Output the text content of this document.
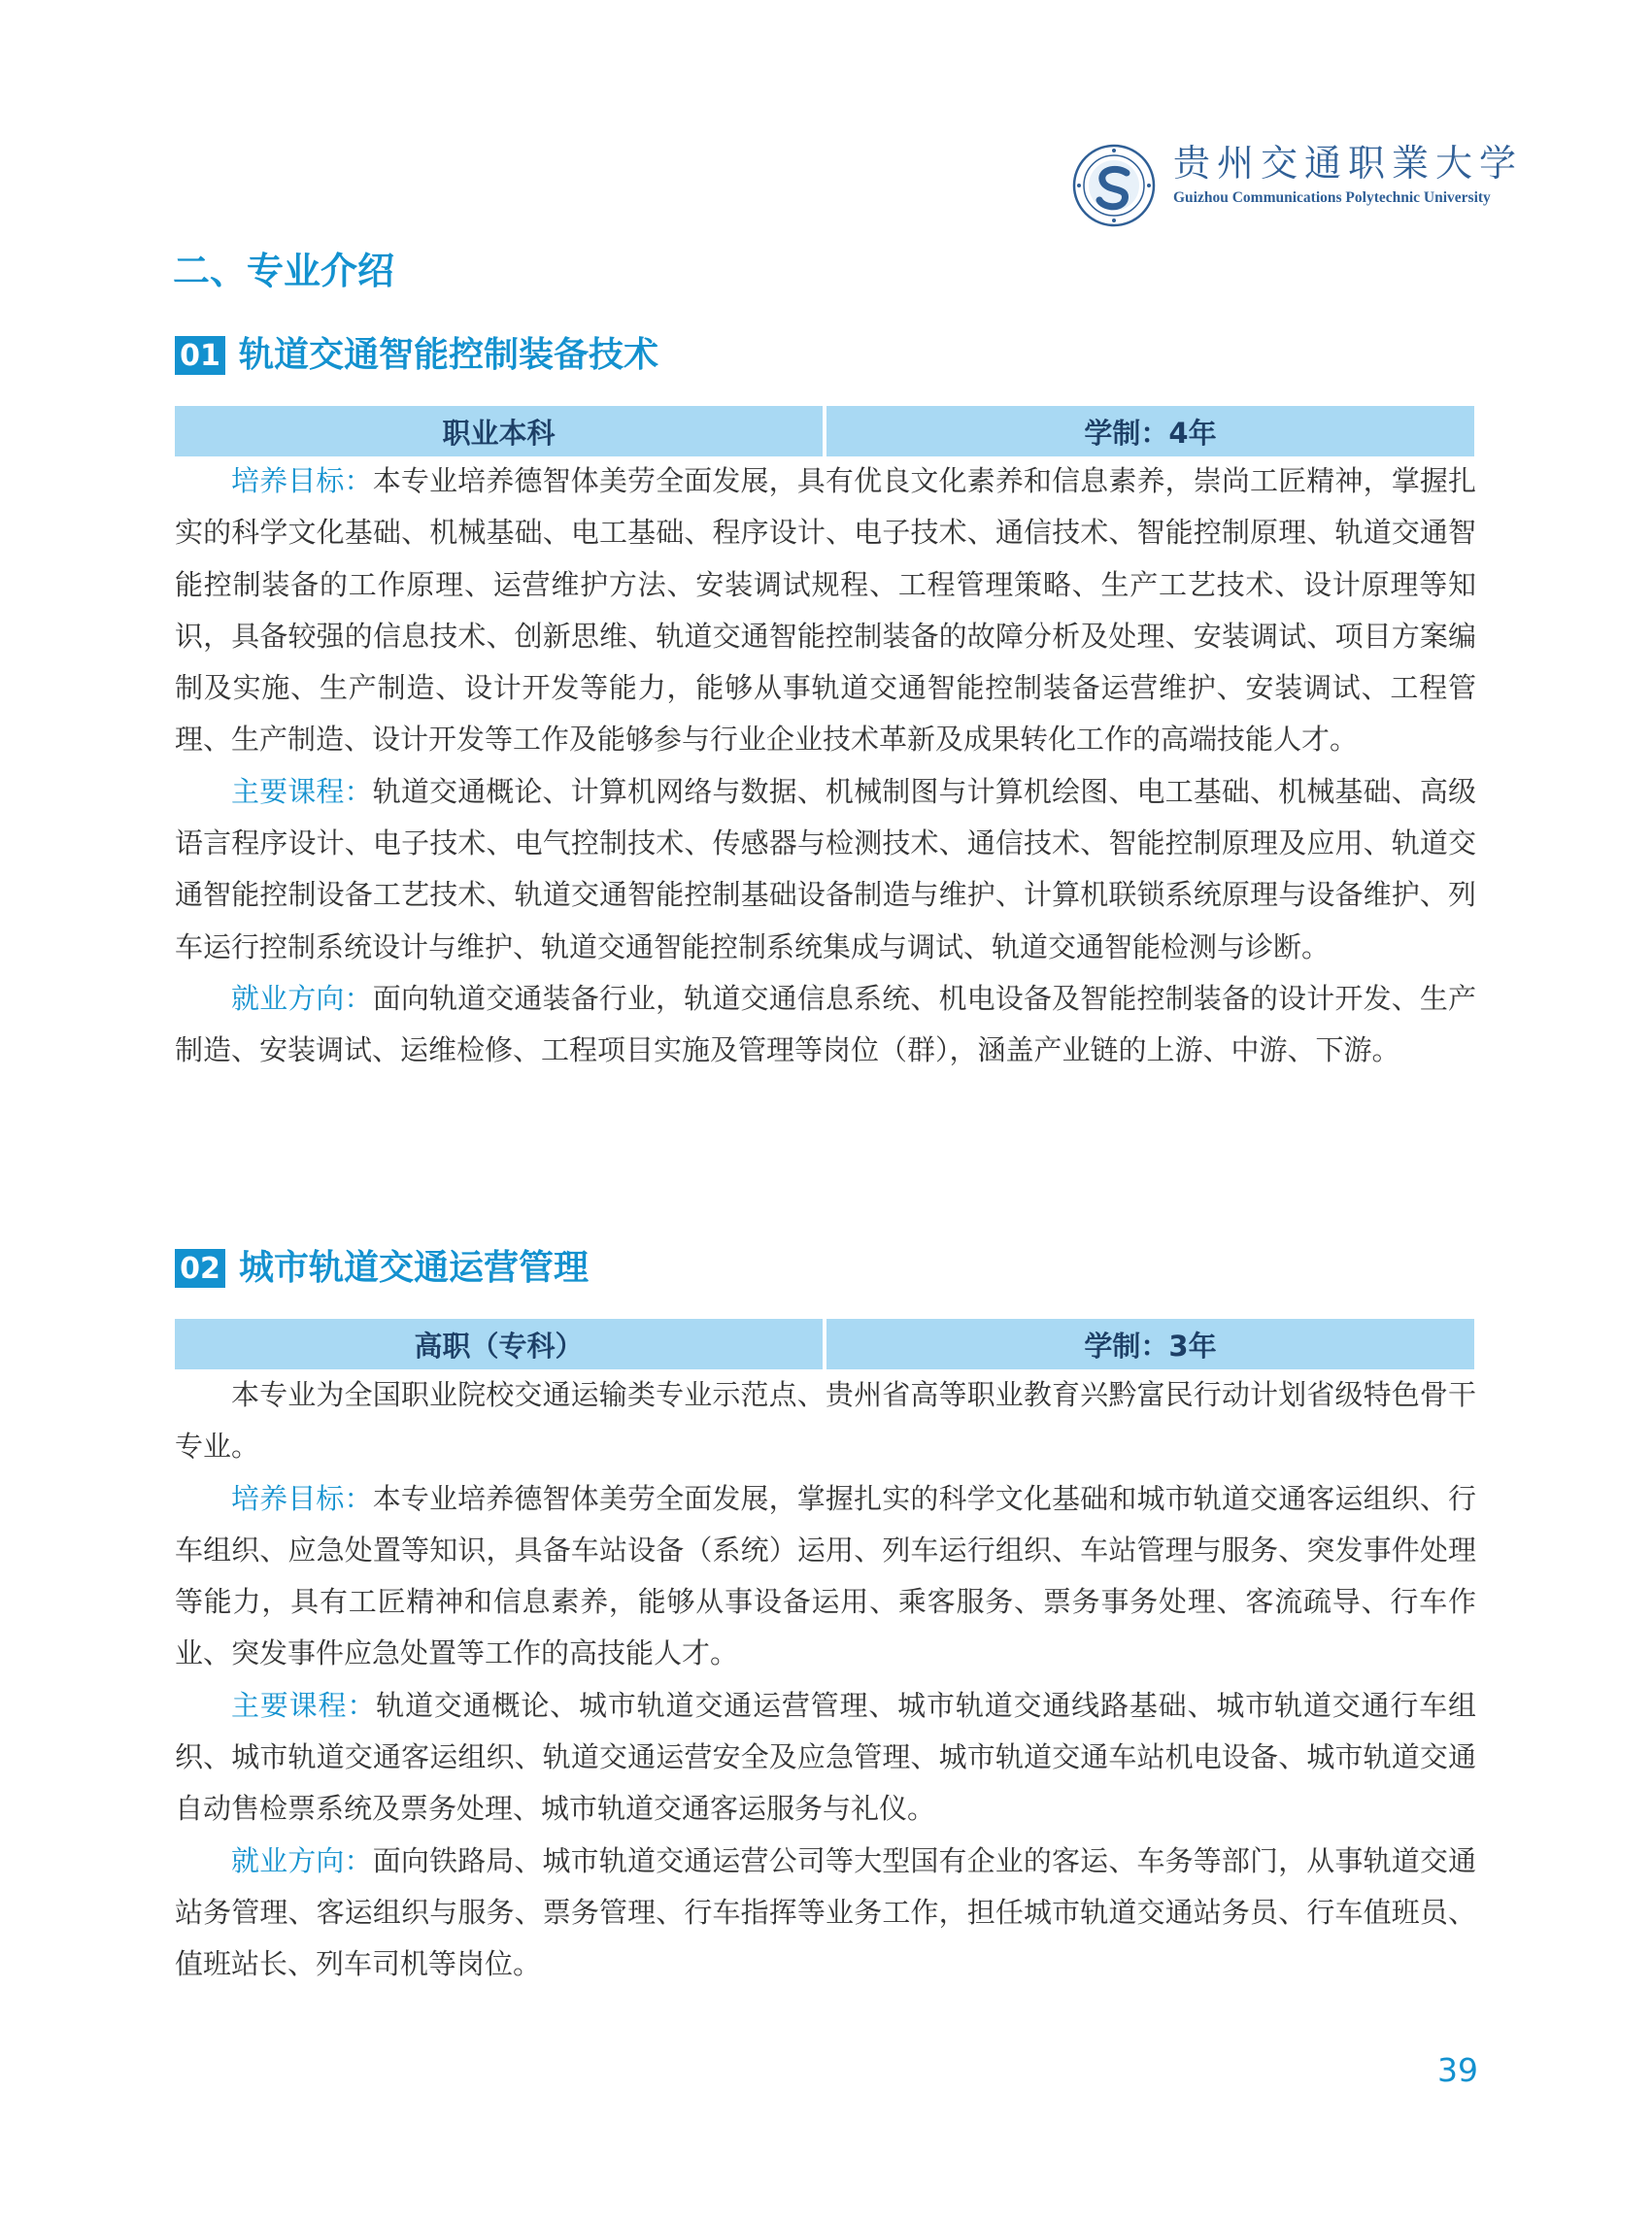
贵州交通职業大学
Guizhou Communications Polytechnic University
二、专业介绍
01 轨道交通智能控制装备技术
职业本科	学制：4年

培养目标：本专业培养德智体美劳全面发展，具有优良文化素养和信息素养，崇尚工匠精神，掌握扎实的科学文化基础、机械基础、电工基础、程序设计、电子技术、通信技术、智能控制原理、轨道交通智能控制装备的工作原理、运营维护方法、安装调试规程、工程管理策略、生产工艺技术、设计原理等知识，具备较强的信息技术、创新思维、轨道交通智能控制装备的故障分析及处理、安装调试、项目方案编制及实施、生产制造、设计开发等能力，能够从事轨道交通智能控制装备运营维护、安装调试、工程管理、生产制造、设计开发等工作及能够参与行业企业技术革新及成果转化工作的高端技能人才。

主要课程：轨道交通概论、计算机网络与数据、机械制图与计算机绘图、电工基础、机械基础、高级语言程序设计、电子技术、电气控制技术、传感器与检测技术、通信技术、智能控制原理及应用、轨道交通智能控制设备工艺技术、轨道交通智能控制基础设备制造与维护、计算机联锁系统原理与设备维护、列车运行控制系统设计与维护、轨道交通智能控制系统集成与调试、轨道交通智能检测与诊断。

就业方向：面向轨道交通装备行业，轨道交通信息系统、机电设备及智能控制装备的设计开发、生产制造、安装调试、运维检修、工程项目实施及管理等岗位（群），涵盖产业链的上游、中游、下游。

02 城市轨道交通运营管理
高职（专科）	学制：3年

本专业为全国职业院校交通运输类专业示范点、贵州省高等职业教育兴黔富民行动计划省级特色骨干专业。

培养目标：本专业培养德智体美劳全面发展，掌握扎实的科学文化基础和城市轨道交通客运组织、行车组织、应急处置等知识，具备车站设备（系统）运用、列车运行组织、车站管理与服务、突发事件处理等能力，具有工匠精神和信息素养，能够从事设备运用、乘客服务、票务事务处理、客流疏导、行车作业、突发事件应急处置等工作的高技能人才。

主要课程：轨道交通概论、城市轨道交通运营管理、城市轨道交通线路基础、城市轨道交通行车组织、城市轨道交通客运组织、轨道交通运营安全及应急管理、城市轨道交通车站机电设备、城市轨道交通自动售检票系统及票务处理、城市轨道交通客运服务与礼仪。

就业方向：面向铁路局、城市轨道交通运营公司等大型国有企业的客运、车务等部门，从事轨道交通站务管理、客运组织与服务、票务管理、行车指挥等业务工作，担任城市轨道交通站务员、行车值班员、值班站长、列车司机等岗位。

39
